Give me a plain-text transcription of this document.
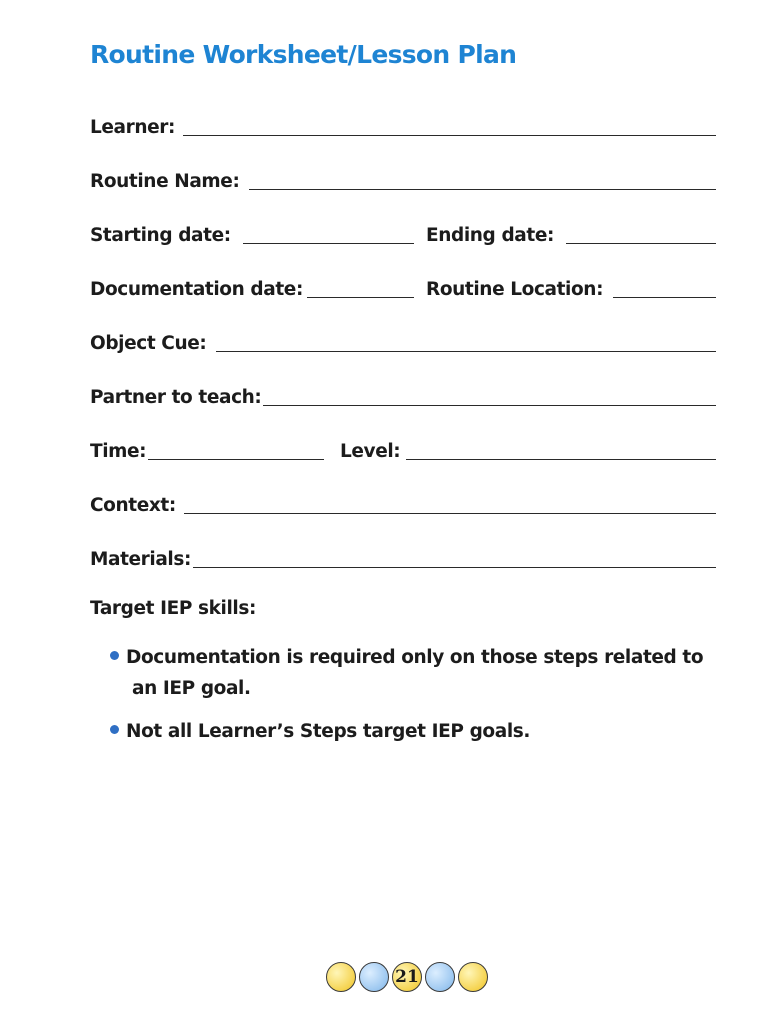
Routine Worksheet/Lesson Plan
Learner:
Routine Name:
Starting date:	Ending date:
Documentation date:	Routine Location:
Object Cue:
Partner to teach:
Time:	Level:
Context:
Materials:
Target IEP skills:
Documentation is required only on those steps related to
an IEP goal.
Not all Learner’s Steps target IEP goals.
21
